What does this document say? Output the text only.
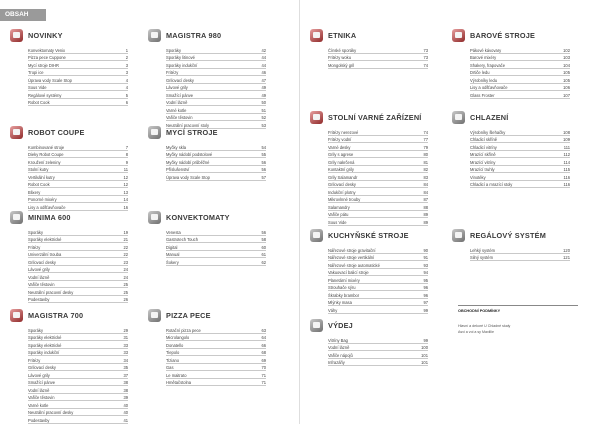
OBSAH
NOVINKY
Konvektomaty Venix	1
Pizza pece Cuppone	2
Mycí stroje DIHR	3
Tropi ice	3
Úprava vody Scale Stop	4
Sous Vide	4
Regálové systémy	5
Robot Cook	6
MAGISTRA 980
Sporáky	42
Sporáky litinové	44
Sporáky indukční	44
Fritézy	46
Grilovací desky	47
Lávové grily	49
Smažící pánve	49
Vodní lázně	50
Varné kotle	51
Vařiče těstovin	52
Neutrální pracovní stoly	53
ETNIKA
Čínské sporáky	73
Fritézy woku	73
Mongolský gril	74
BAROVÉ STROJE
Pákové kávovary	102
Barové mixéry	103
Shakery, frapovače	104
Drtiče ledu	105
Výrobníky ledu	105
Lisy a odšťavňovače	106
Glass Froster	107
ROBOT COUPE
Kombinované stroje	7
Dieky Robot Coupe	8
Kroužení zeleniny	9
Stolní kutry	11
Vertikální kutry	12
Robot Cook	12
Blixery	13
Ponorné mixéry	14
Lisy a odšťavňovače	16
MYCÍ STROJE
Myčky skla	54
Myčky nádobí podstolové	55
Myčky nádobí průběžné	56
Příslušenství	56
Úprava vody Scale Stop	57
STOLNÍ VARNÉ ZAŘÍZENÍ
Fritézy nerezové	74
Fritézy vodní	77
Varné desky	79
Grily s agrese	80
Grily nakrčená	81
Kontaktní grily	82
Grily Salamandr	83
Grilovací desky	84
Indukční plotny	84
Mikrovlnné trouby	87
Salamandry	88
Vařiče pátu	89
Sous Vide	89
CHLAZENÍ
Výrobníky šlehačky	108
Chladicí skříně	109
Chladicí vitríny	111
Mrazící skříně	112
Mrazící vitríny	114
Mrazící truhly	115
Vinotéky	116
Chladicí a mrazící stoly	116
MINIMA 600
Sporáky	19
Sporáky elektrické	21
Fritézy	22
Univerzální trouba	22
Grilovací desky	23
Lávové grily	24
Vodní lázně	24
Vařiče těstovin	25
Neutrální pracovní desky	25
Podestavby	26
KONVEKTOMATY
Venesta	56
Gastrotech Touch	58
Digital	60
Manual	61
Šokery	62
KUCHYŇSKÉ STROJE
Nářezové stroje gravitační	90
Nářezové stroje vertikální	91
Nářezové stroje automatické	93
Vakuovací balicí stroje	94
Planetární mixéry	95
Strouhače sýru	96
Škrabky brambor	96
Mlýnky masa	97
Váhy	99
REGÁLOVÝ SYSTÉM
Lehký systém	120
Silný systém	121
MAGISTRA 700
Sporáky	29
Sporáky elektrické	31
Sporáky elektrické	33
Sporáky indukční	33
Fritézy	34
Grilovací desky	35
Lávové grily	37
Smažící pánve	38
Vodní lázně	38
Vařiče těstovin	39
Varné kotle	40
Neutrální pracovní desky	40
Podestavby	41
PIZZA PECE
Rotační pizza pece	63
Microlangolo	64
Donatello	66
Tiepolo	68
Tiziano	69
Gas	70
Le maitrato	71
Hmětačstolna	71
VÝDEJ
Vitríny Bag	99
Vodní lázně	100
Vařiče nápojů	101
Infrazářiy	101
OBCHODNÍ PODMÍNKY
Hlavní a dekoré U Chladné skaly
Asvi a voi a sy Maxillie
